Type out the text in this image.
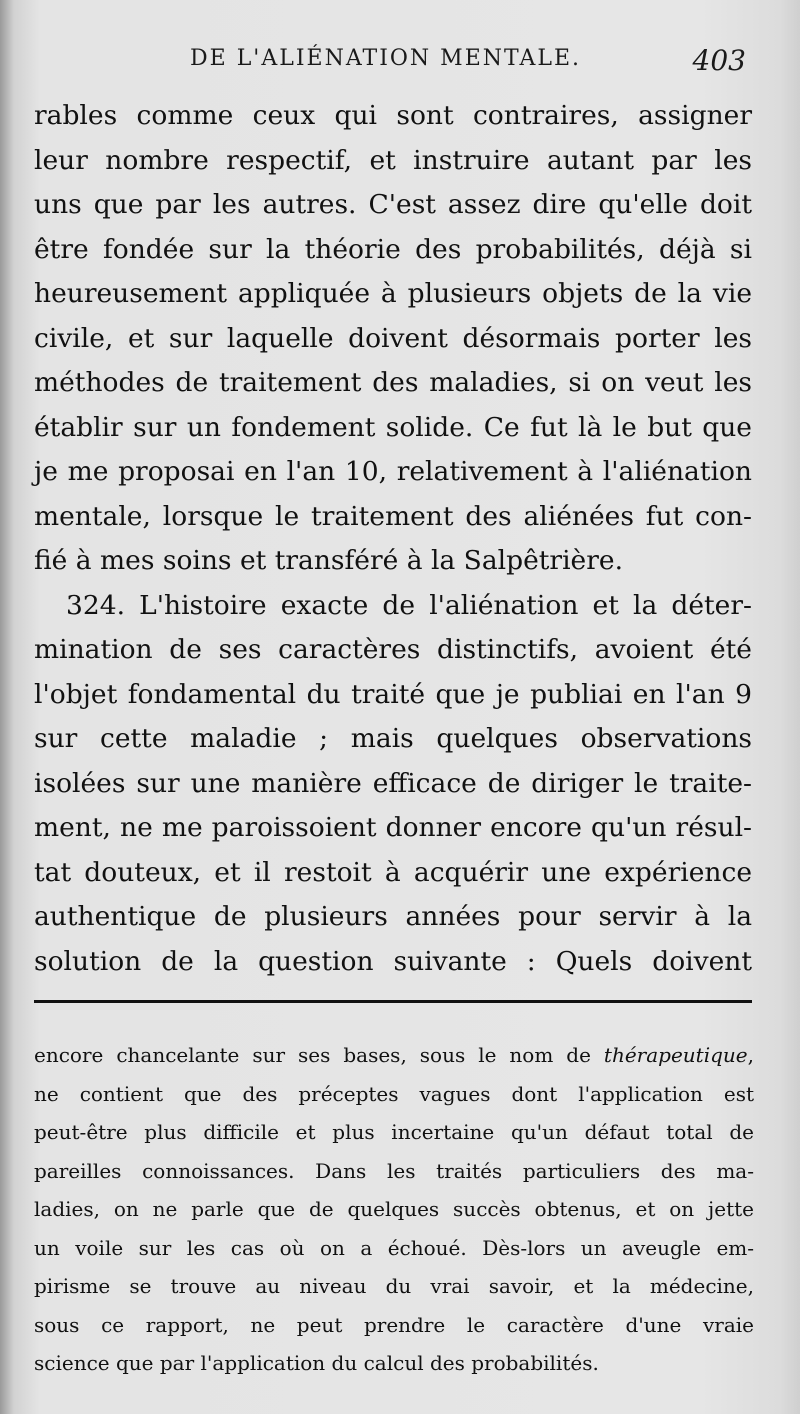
DE L'ALIÉNATION MENTALE.	403
rables comme ceux qui sont contraires, assigner
leur nombre respectif, et instruire autant par les
uns que par les autres. C'est assez dire qu'elle doit
être fondée sur la théorie des probabilités, déjà si
heureusement appliquée à plusieurs objets de la vie
civile, et sur laquelle doivent désormais porter les
méthodes de traitement des maladies, si on veut les
établir sur un fondement solide. Ce fut là le but que
je me proposai en l'an 10, relativement à l'aliénation
mentale, lorsque le traitement des aliénées fut con-
fié à mes soins et transféré à la Salpêtrière.
324. L'histoire exacte de l'aliénation et la déter-
mination de ses caractères distinctifs, avoient été
l'objet fondamental du traité que je publiai en l'an 9
sur cette maladie ; mais quelques observations
isolées sur une manière efficace de diriger le traite-
ment, ne me paroissoient donner encore qu'un résul-
tat douteux, et il restoit à acquérir une expérience
authentique de plusieurs années pour servir à la
solution de la question suivante : Quels doivent
encore chancelante sur ses bases, sous le nom de thérapeutique,
ne contient que des préceptes vagues dont l'application est
peut-être plus difficile et plus incertaine qu'un défaut total de
pareilles connoissances. Dans les traités particuliers des ma-
ladies, on ne parle que de quelques succès obtenus, et on jette
un voile sur les cas où on a échoué. Dès-lors un aveugle em-
pirisme se trouve au niveau du vrai savoir, et la médecine,
sous ce rapport, ne peut prendre le caractère d'une vraie
science que par l'application du calcul des probabilités.
